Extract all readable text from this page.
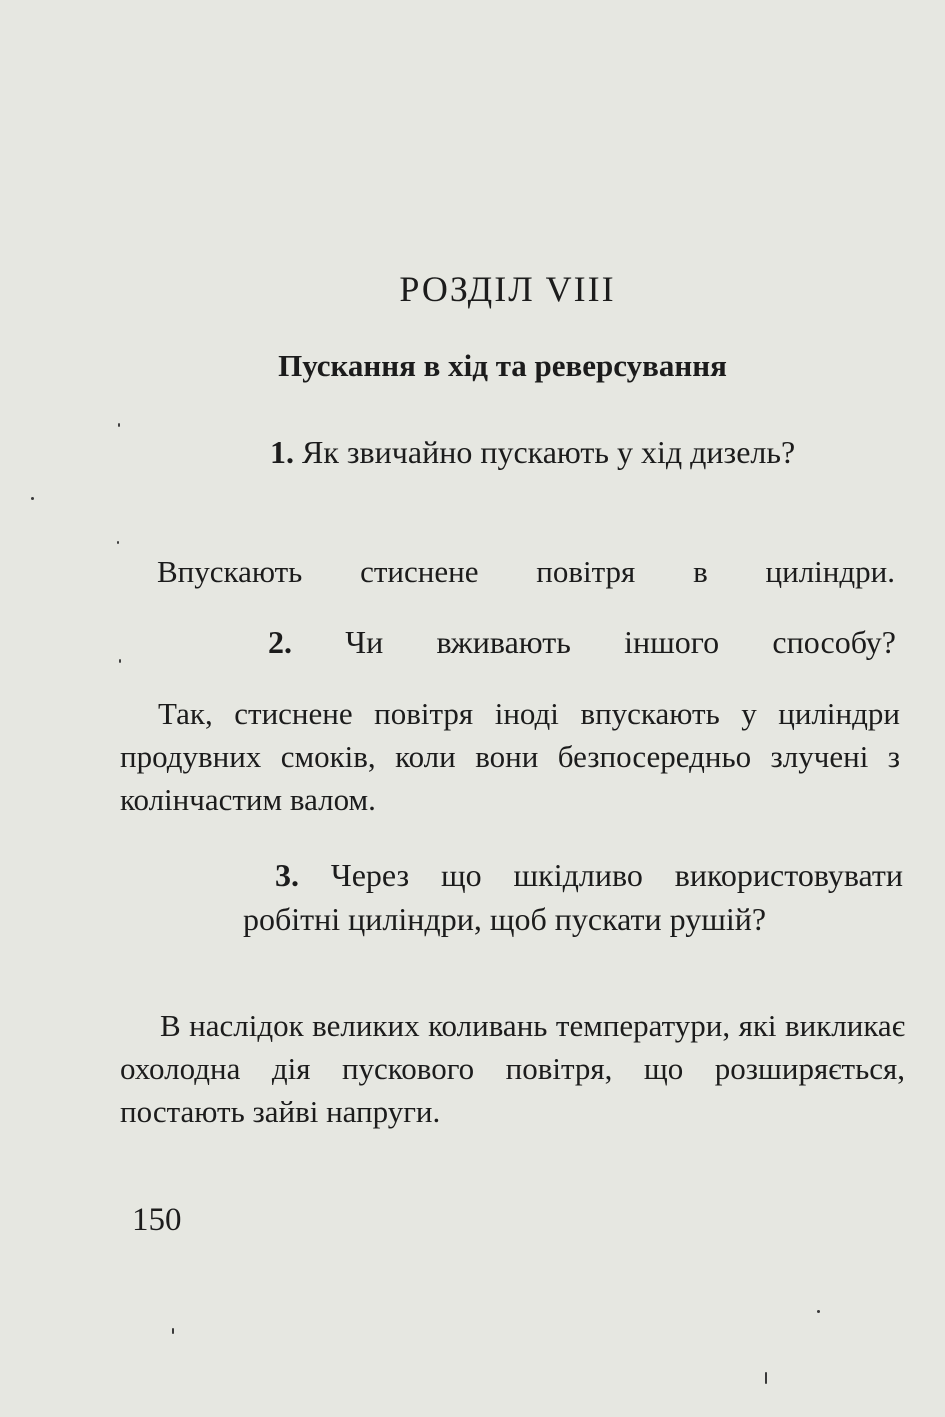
РОЗДІЛ VIII
Пускання в хід та реверсування
1. Як звичайно пускають у хід дизель?
Впускають стиснене повітря в циліндри.
2. Чи вживають іншого способу?
Так, стиснене повітря іноді впускають у циліндри продувних смоків, коли вони безпосередньо злучені з колінчастим валом.
3. Через що шкідливо використовувати робітні циліндри, щоб пускати рушій?
В наслідок великих коливань температури, які викликає охолодна дія пускового повітря, що розширяється, постають зайві напруги.
150
